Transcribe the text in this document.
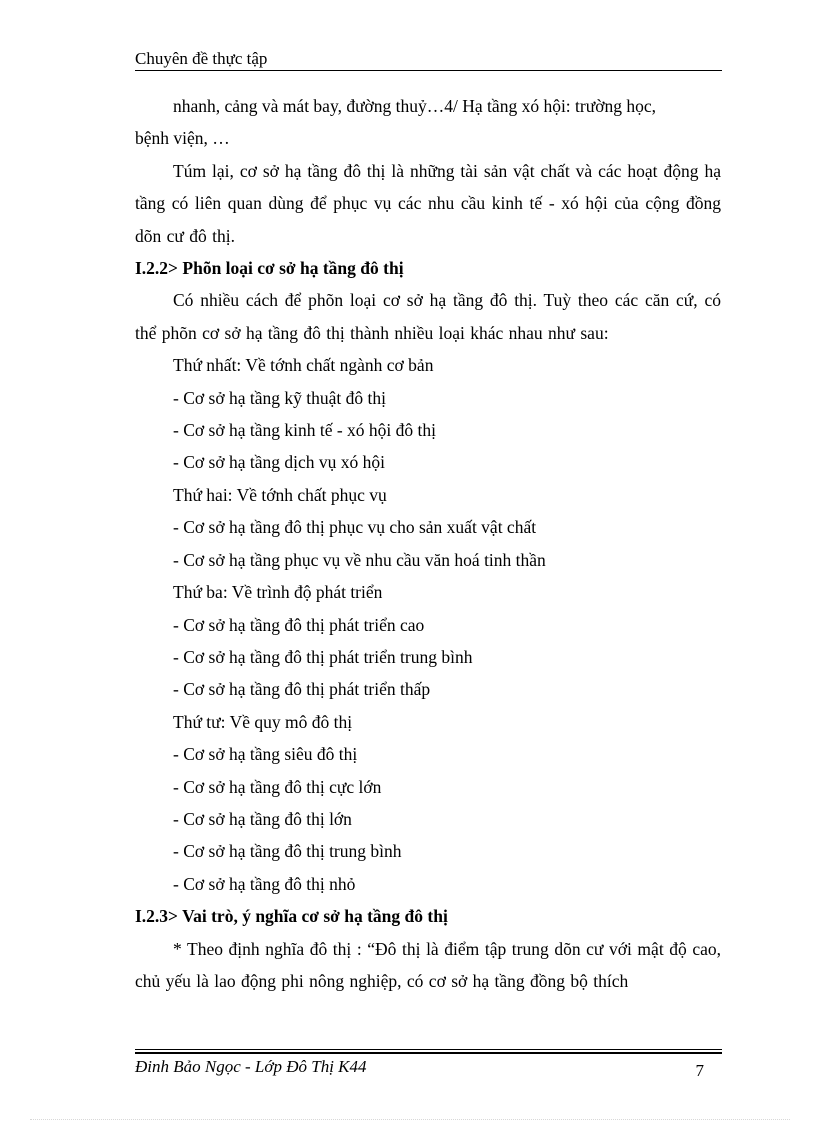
Chuyên đề thực tập

nhanh, cảng và mát bay, đường thuỷ…4/ Hạ tầng xó hội: trường học,

bệnh viện, …

Túm lại, cơ sở hạ tầng đô thị là những tài sản vật chất và các hoạt động hạ tầng có liên quan dùng để phục vụ các nhu cầu kinh tế - xó hội của cộng đồng dõn cư đô thị.

I.2.2> Phõn loại cơ sở hạ tầng đô thị

Có nhiều cách để phõn loại cơ sở hạ tầng đô thị. Tuỳ theo các căn cứ, có thể phõn cơ sở hạ tầng đô thị thành nhiều loại khác nhau như sau:

Thứ nhất: Về tớnh chất ngành cơ bản

- Cơ sở hạ tầng kỹ thuật đô thị

- Cơ sở hạ tầng kinh tế - xó hội đô thị

- Cơ sở hạ tầng dịch vụ xó hội

Thứ hai: Về tớnh chất phục vụ

- Cơ sở hạ tầng đô thị phục vụ cho sản xuất vật chất

- Cơ sở hạ tầng phục vụ về nhu cầu văn hoá tinh thần

Thứ ba: Về trình độ phát triển

- Cơ sở hạ tầng đô thị phát triển cao

- Cơ sở hạ tầng đô thị phát triển trung bình

- Cơ sở hạ tầng đô thị phát triển thấp

Thứ tư: Về quy mô đô thị

- Cơ sở hạ tầng siêu đô thị

- Cơ sở hạ tầng đô thị cực lớn

- Cơ sở hạ tầng đô thị lớn

- Cơ sở hạ tầng đô thị trung bình

- Cơ sở hạ tầng đô thị nhỏ

I.2.3> Vai trò, ý nghĩa cơ sở hạ tầng đô thị

* Theo định nghĩa đô thị : “Đô thị là điểm tập trung dõn cư với mật độ cao, chủ yếu là lao động phi nông nghiệp, có cơ sở hạ tầng đồng bộ thích

Đinh Bảo Ngọc - Lớp Đô Thị K44	7
